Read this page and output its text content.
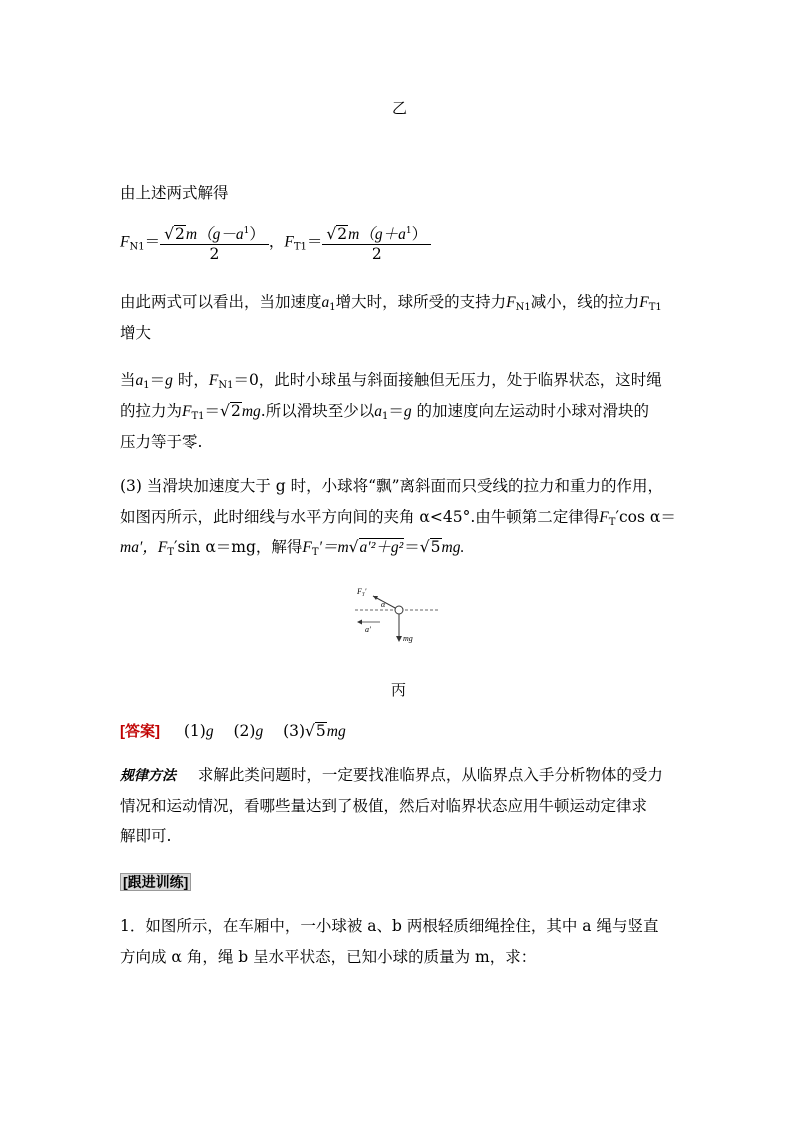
乙
由上述两式解得
$F_{N1}= \frac{√2m(g-a^1)}{2}$ ，$F_{T1}= \frac{√2m(g+a^1)}{2}$
由此两式可以看出，当加速度$a_1$增大时，球所受的支持力$F_{N1}$减小，线的拉力$F_{T1}$
增大
当$a_1=g$ 时，$F_{N1}=0$，此时小球虽与斜面接触但无压力，处于临界状态，这时绳
的拉力为$F_{T1}=√2mg$.所以滑块至少以$a_1=g$ 的加速度向左运动时小球对滑块的
压力等于零.
(3) 当滑块加速度大于 g 时，小球将“飘”离斜面而只受线的拉力和重力的作用，
如图丙所示，此时细线与水平方向间的夹角 α<45°.由牛顿第二定律得$F_T'\cos$ α＝
ma′，$F_T'\sin$ α＝mg，解得$F_T'=m√a'^2+g^2=√5mg$.
$F_T'$
α
a′
mg
丙
[答案] (1)g (2)g (3)√5mg
规律方法 求解此类问题时，一定要找准临界点，从临界点入手分析物体的受力
情况和运动情况，看哪些量达到了极值，然后对临界状态应用牛顿运动定律求
解即可.
[跟进训练]
1．如图所示，在车厢中，一小球被 a、b 两根轻质细绳拴住，其中 a 绳与竖直
方向成 α 角，绳 b 呈水平状态，已知小球的质量为 m，求：
